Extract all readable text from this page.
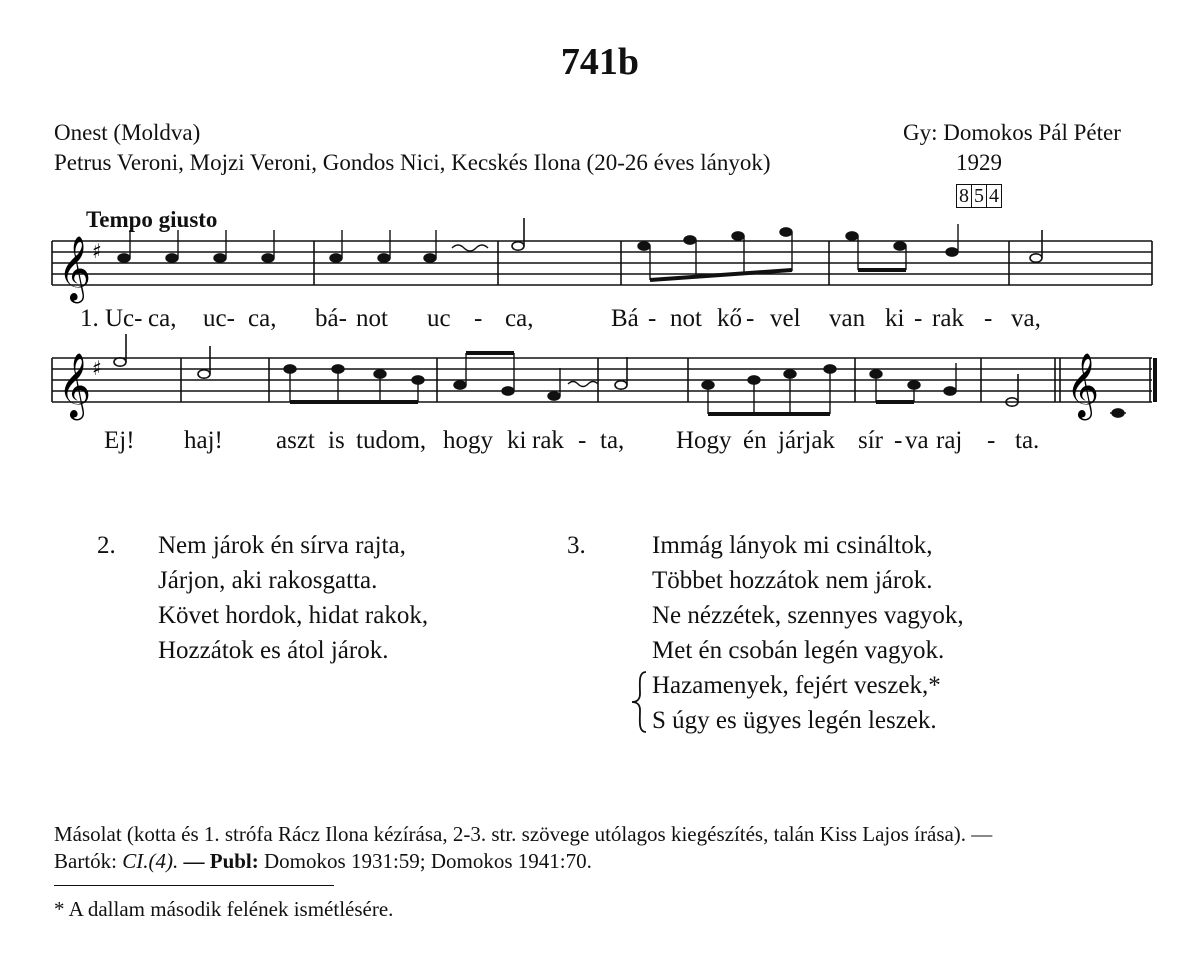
741b
Onest (Moldva)
Petrus Veroni, Mojzi Veroni, Gondos Nici, Kecskés Ilona (20-26 éves lányok)
Gy: Domokos Pál Péter
1929
8 5 4
Tempo giusto
𝄞 ♯
𝄞 ♯	𝄞
1. Uc- ca, uc- ca, bá- not uc - ca,	Bá - not kő - vel van ki - rak - va,
Ej! haj! aszt is tudom, hogy ki rak - ta, Hogy én járjak sír - va raj - ta.
2. Nem járok én sírva rajta,
Járjon, aki rakosgatta.
Követ hordok, hidat rakok,
Hozzátok es átol járok.
3.	Immág lányok mi csináltok,
Többet hozzátok nem járok.
Ne nézzétek, szennyes vagyok,
Met én csobán legén vagyok.
Hazamenyek, fejért veszek,*
S úgy es ügyes legén leszek.
Másolat (kotta és 1. strófa Rácz Ilona kézírása, 2-3. str. szövege utólagos kiegészítés, talán Kiss Lajos írása). —
Bartók: CI.(4). — Publ: Domokos 1931:59; Domokos 1941:70.
* A dallam második felének ismétlésére.
